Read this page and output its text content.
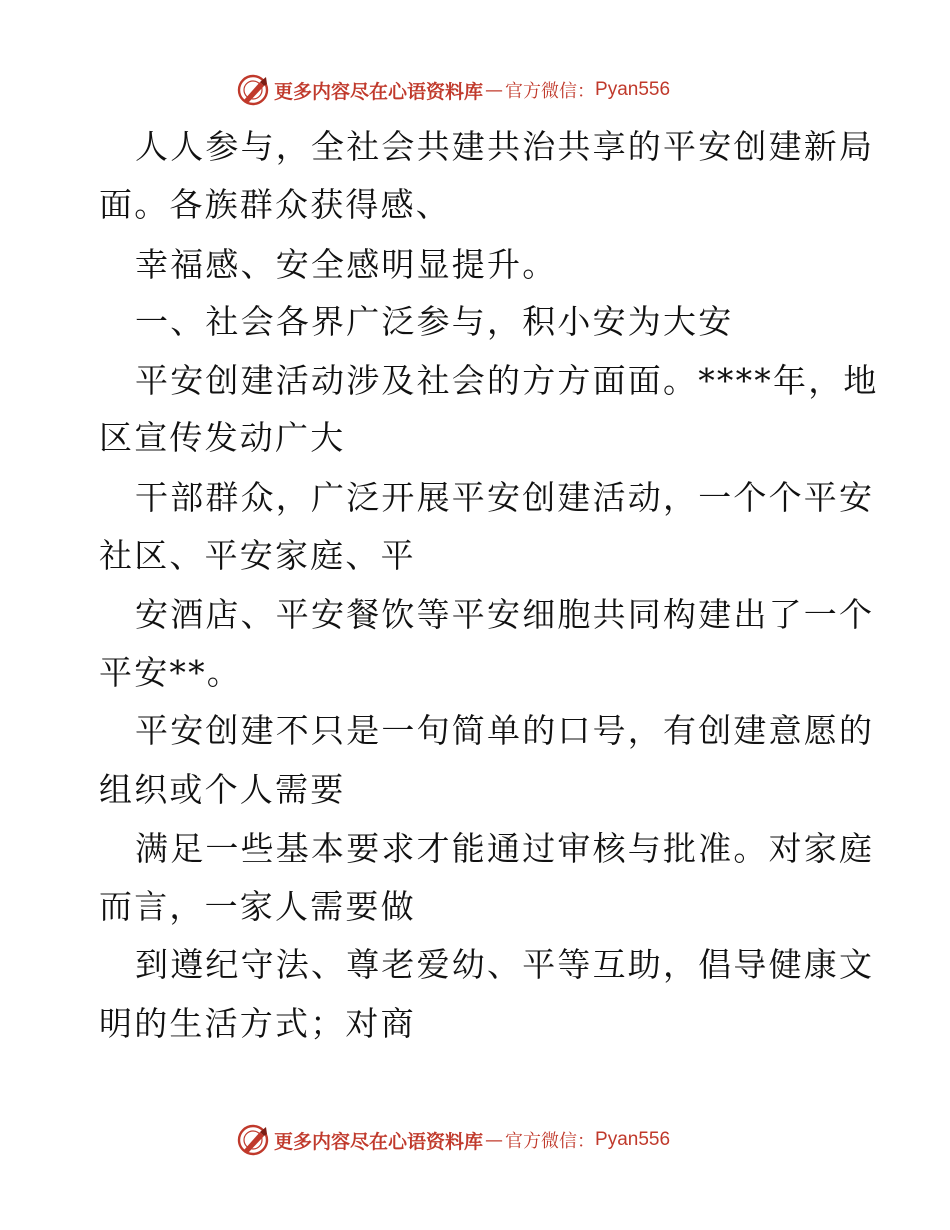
更多内容尽在心语资料库 — 官方微信： Pyan556
人人参与，全社会共建共治共享的平安创建新局
面。各族群众获得感、
幸福感、安全感明显提升。
一、社会各界广泛参与，积小安为大安
平安创建活动涉及社会的方方面面。****年，地
区宣传发动广大
干部群众，广泛开展平安创建活动，一个个平安
社区、平安家庭、平
安酒店、平安餐饮等平安细胞共同构建出了一个
平安**。
平安创建不只是一句简单的口号，有创建意愿的
组织或个人需要
满足一些基本要求才能通过审核与批准。对家庭
而言，一家人需要做
到遵纪守法、尊老爱幼、平等互助，倡导健康文
明的生活方式；对商
更多内容尽在心语资料库 — 官方微信： Pyan556
